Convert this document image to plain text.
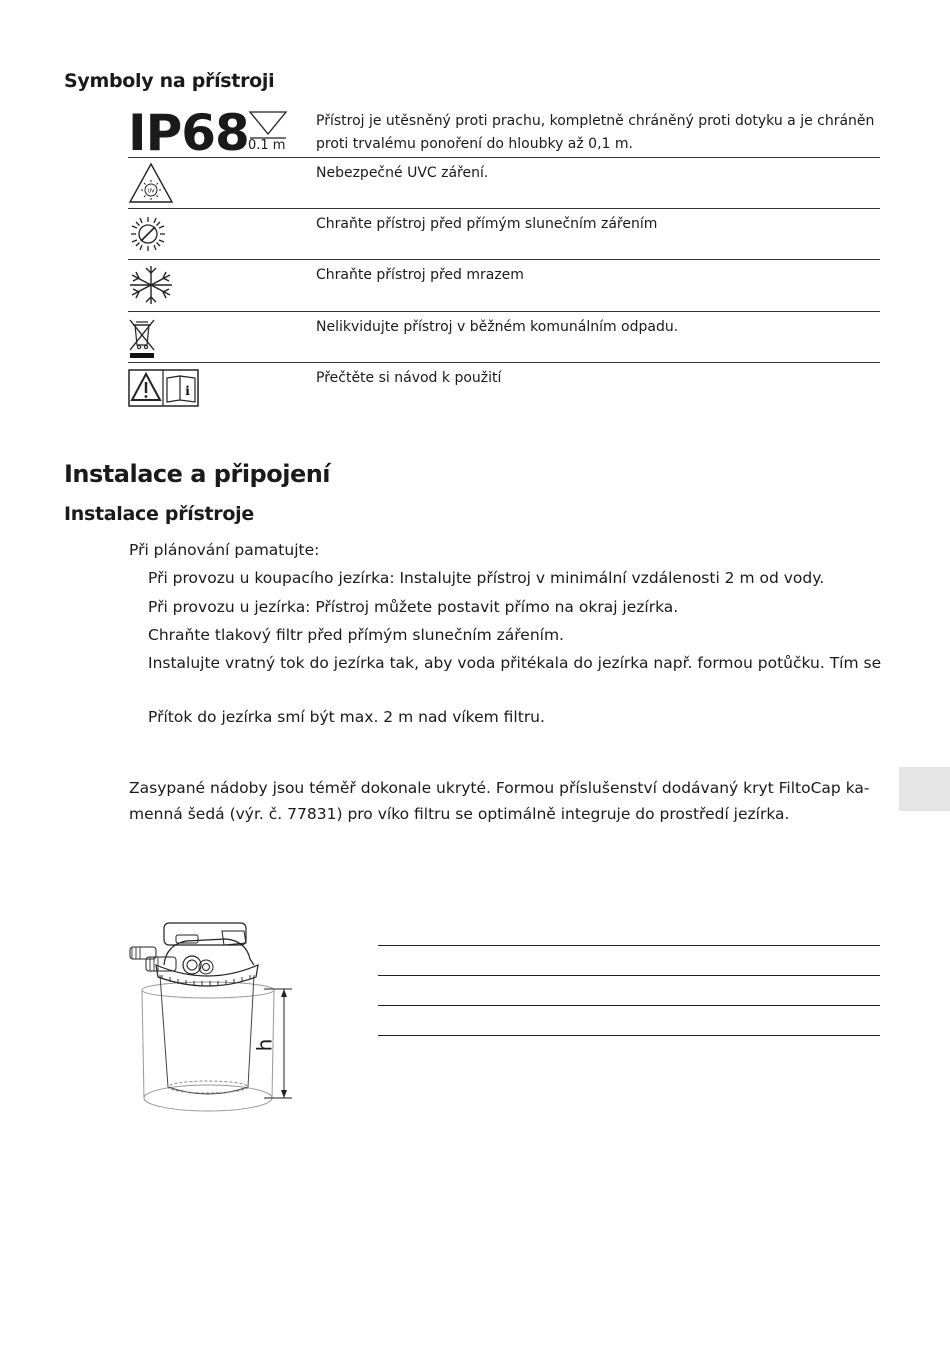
Symboly na přístroji
IP68 0.1 m
Přístroj je utěsněný proti prachu, kompletně chráněný proti dotyku a je chráněn proti trvalému ponoření do hloubky až 0,1 m.
UV
Nebezpečné UVC záření.
Chraňte přístroj před přímým slunečním zářením
Chraňte přístroj před mrazem
Nelikvidujte přístroj v běžném komunálním odpadu.
i
Přečtěte si návod k použití
Instalace a připojení
Instalace přístroje
Při plánování pamatujte:
Při provozu u koupacího jezírka: Instalujte přístroj v minimální vzdálenosti 2 m od vody.
Při provozu u jezírka: Přístroj můžete postavit přímo na okraj jezírka.
Chraňte tlakový filtr před přímým slunečním zářením.
Instalujte vratný tok do jezírka tak, aby voda přitékala do jezírka např. formou potůčku. Tím se
Přítok do jezírka smí být max. 2 m nad víkem filtru.
Zasypané nádoby jsou téměř dokonale ukryté. Formou příslušenství dodávaný kryt FiltoCap ka-
menná šedá (výr. č. 77831) pro víko filtru se optimálně integruje do prostředí jezírka.
h
